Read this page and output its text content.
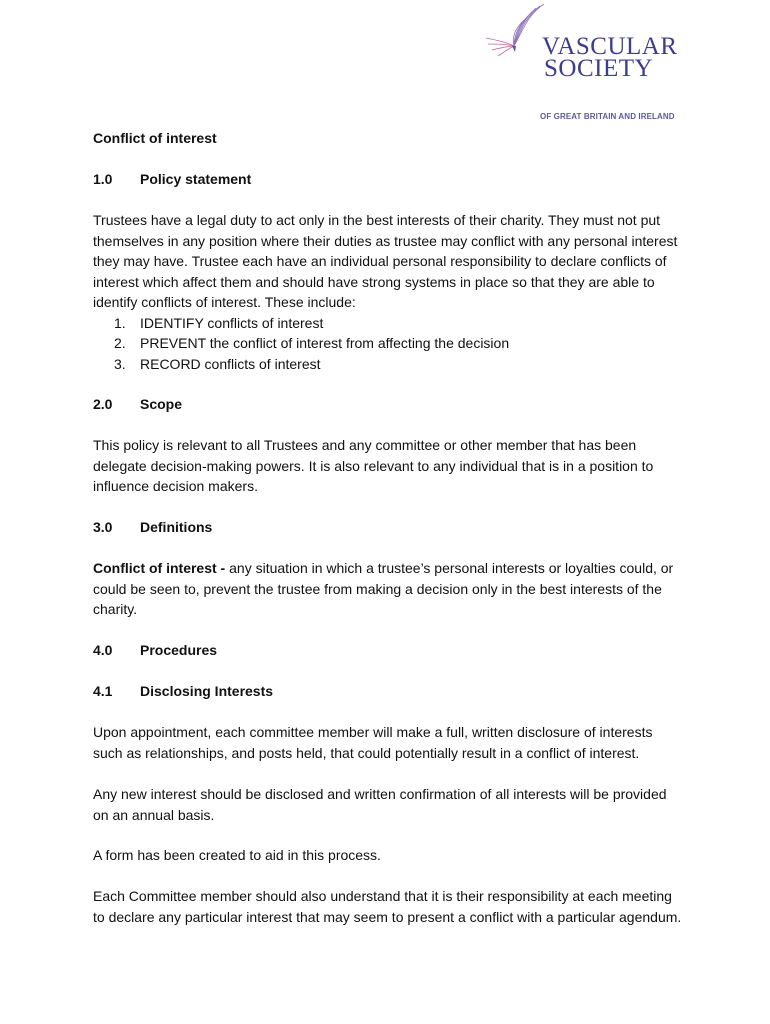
VASCULAR
SOCIETY
OF GREAT BRITAIN AND IRELAND
Conflict of interest
1.0 Policy statement
Trustees have a legal duty to act only in the best interests of their charity. They must not put themselves in any position where their duties as trustee may conflict with any personal interest they may have. Trustee each have an individual personal responsibility to declare conflicts of interest which affect them and should have strong systems in place so that they are able to identify conflicts of interest. These include:
1. IDENTIFY conflicts of interest
2. PREVENT the conflict of interest from affecting the decision
3. RECORD conflicts of interest
2.0 Scope
This policy is relevant to all Trustees and any committee or other member that has been delegate decision-making powers. It is also relevant to any individual that is in a position to influence decision makers.
3.0 Definitions
Conflict of interest - any situation in which a trustee’s personal interests or loyalties could, or could be seen to, prevent the trustee from making a decision only in the best interests of the charity.
4.0 Procedures
4.1 Disclosing Interests
Upon appointment, each committee member will make a full, written disclosure of interests such as relationships, and posts held, that could potentially result in a conflict of interest.
Any new interest should be disclosed and written confirmation of all interests will be provided on an annual basis.
A form has been created to aid in this process.
Each Committee member should also understand that it is their responsibility at each meeting to declare any particular interest that may seem to present a conflict with a particular agendum.
